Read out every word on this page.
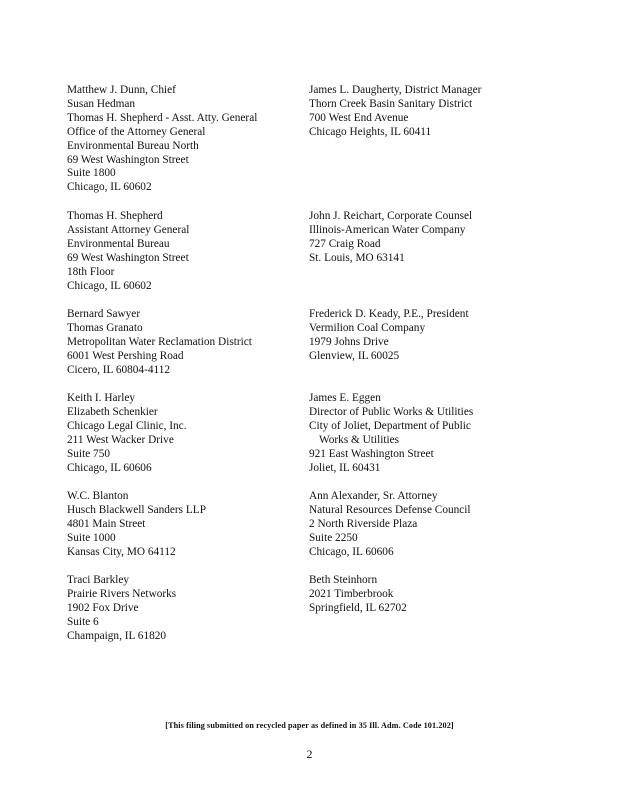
Matthew J. Dunn, Chief
Susan Hedman
Thomas H. Shepherd - Asst. Atty. General
Office of the Attorney General
Environmental Bureau North
69 West Washington Street
Suite 1800
Chicago, IL 60602
Thomas H. Shepherd
Assistant Attorney General
Environmental Bureau
69 West Washington Street
18th Floor
Chicago, IL 60602
Bernard Sawyer
Thomas Granato
Metropolitan Water Reclamation District
6001 West Pershing Road
Cicero, IL 60804-4112
Keith I. Harley
Elizabeth Schenkier
Chicago Legal Clinic, Inc.
211 West Wacker Drive
Suite 750
Chicago, IL 60606
W.C. Blanton
Husch Blackwell Sanders LLP
4801 Main Street
Suite 1000
Kansas City, MO 64112
Traci Barkley
Prairie Rivers Networks
1902 Fox Drive
Suite 6
Champaign, IL 61820
James L. Daugherty, District Manager
Thorn Creek Basin Sanitary District
700 West End Avenue
Chicago Heights, IL 60411
John J. Reichart, Corporate Counsel
Illinois-American Water Company
727 Craig Road
St. Louis, MO 63141
Frederick D. Keady, P.E., President
Vermilion Coal Company
1979 Johns Drive
Glenview, IL 60025
James E. Eggen
Director of Public Works & Utilities
City of Joliet, Department of Public
Works & Utilities
921 East Washington Street
Joliet, IL 60431
Ann Alexander, Sr. Attorney
Natural Resources Defense Council
2 North Riverside Plaza
Suite 2250
Chicago, IL 60606
Beth Steinhorn
2021 Timberbrook
Springfield, IL 62702
[This filing submitted on recycled paper as defined in 35 Ill. Adm. Code 101.202]
2
